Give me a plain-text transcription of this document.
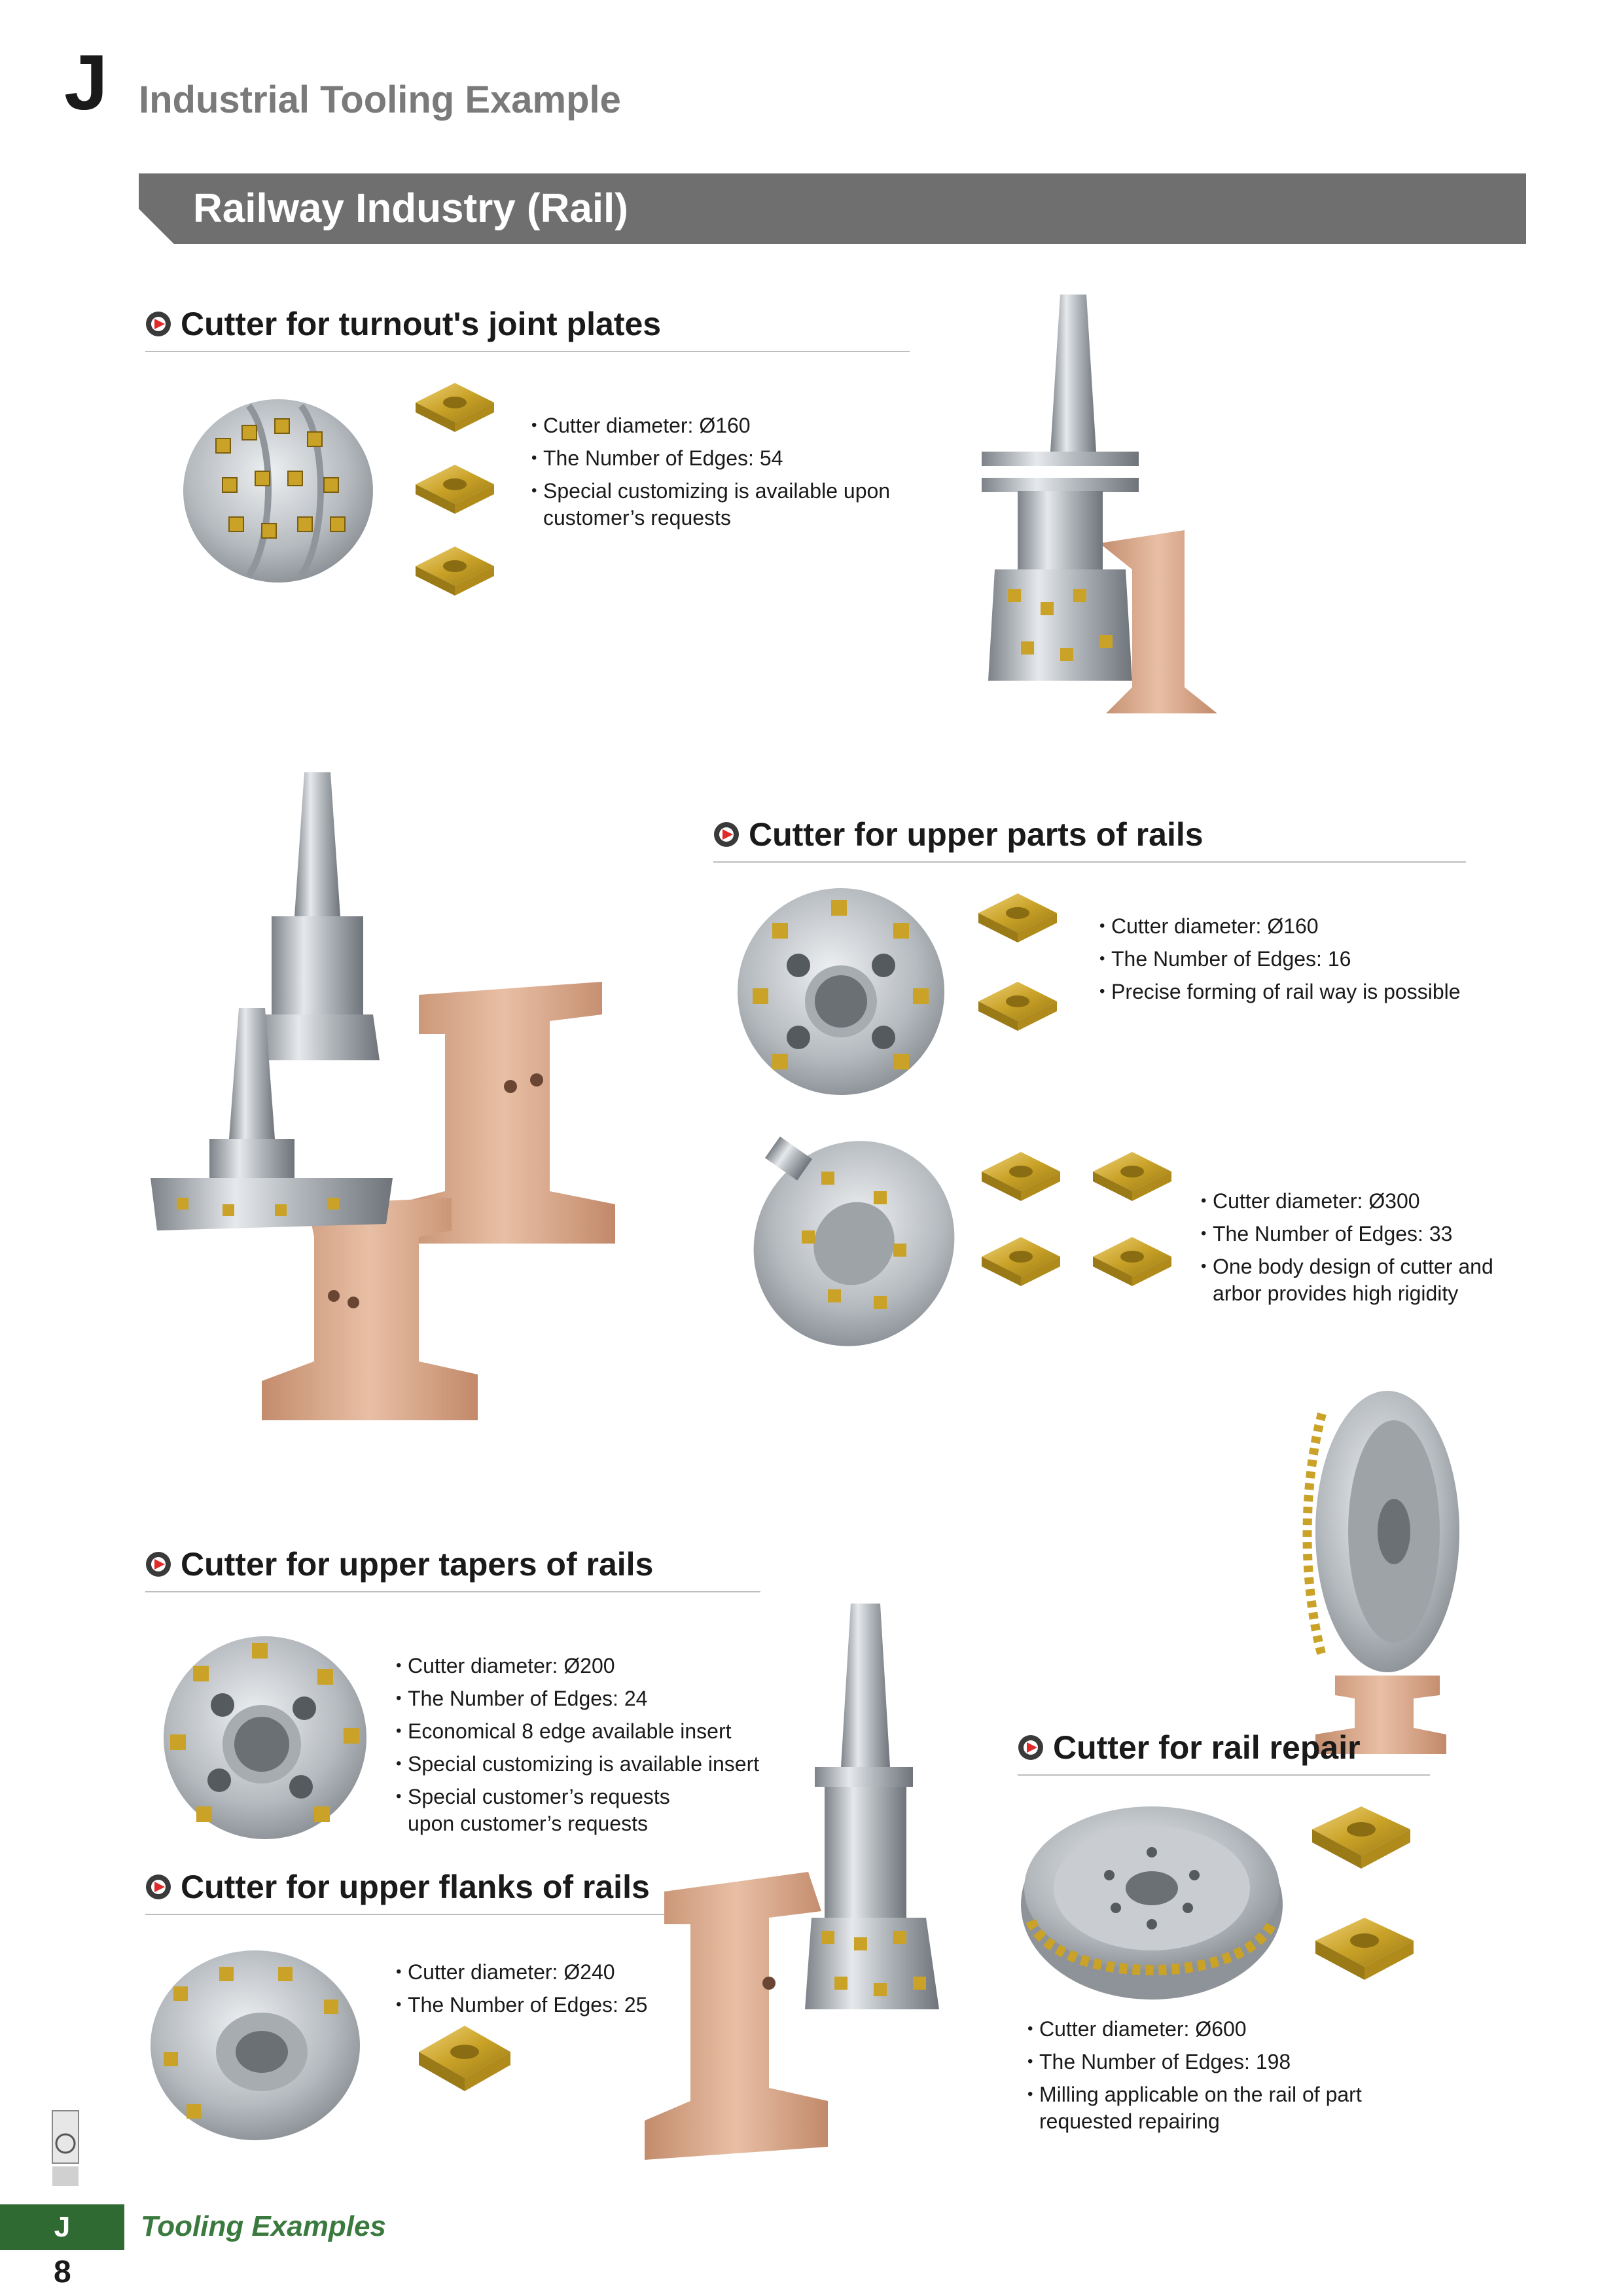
J Industrial Tooling Example
Railway Industry (Rail)
Cutter for turnout's joint plates
• Cutter diameter: Ø160
• The Number of Edges: 54
• Special customizing is available upon
customer’s requests
Cutter for upper parts of rails
• Cutter diameter: Ø160
• The Number of Edges: 16
• Precise forming of rail way is possible
• Cutter diameter: Ø300
• The Number of Edges: 33
• One body design of cutter and
arbor provides high rigidity
Cutter for upper tapers of rails
• Cutter diameter: Ø200
• The Number of Edges: 24
• Economical 8 edge available insert
• Special customizing is available insert
• Special customer’s requests
upon customer’s requests
Cutter for upper flanks of rails
• Cutter diameter: Ø240
• The Number of Edges: 25
Cutter for rail repair
• Cutter diameter: Ø600
• The Number of Edges: 198
• Milling applicable on the rail of part
requested repairing
J	Tooling Examples
8
